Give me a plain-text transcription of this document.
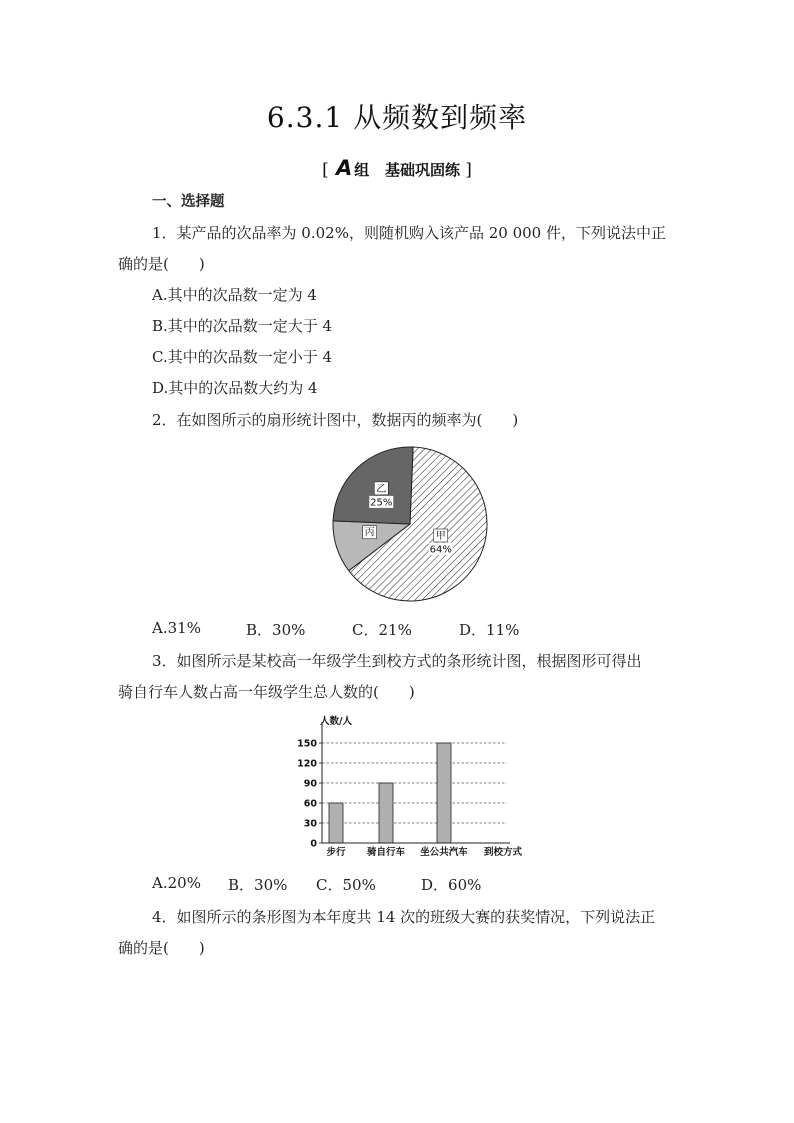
6.3.1 从频数到频率
[ A 组 基础巩固练 ]
一、选择题
1．某产品的次品率为 0.02%，则随机购入该产品 20 000 件，下列说法中正
确的是(　　)
A.其中的次品数一定为 4
B.其中的次品数一定大于 4
C.其中的次品数一定小于 4
D.其中的次品数大约为 4
2．在如图所示的扇形统计图中，数据丙的频率为(　　)
甲
64%
丙
乙
25%
A.31%	B．30%	C．21%	D．11%
3．如图所示是某校高一年级学生到校方式的条形统计图，根据图形可得出
骑自行车人数占高一年级学生总人数的(　　)
0
30
60
90
120
150
步行 骑自行车 坐公共汽车
人数/人
到校方式
A.20% B．30% C．50%	D．60%
4．如图所示的条形图为本年度共 14 次的班级大赛的获奖情况，下列说法正
确的是(　　)
